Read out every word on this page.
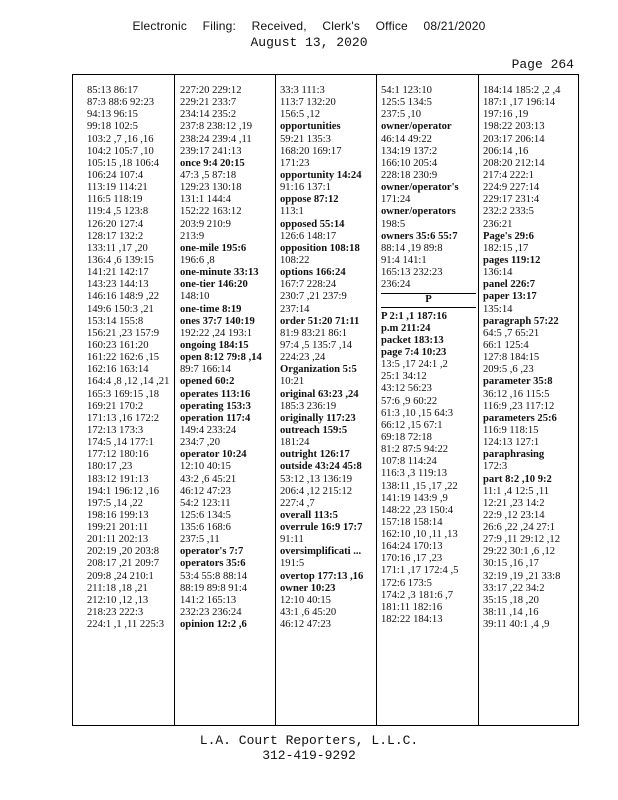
Electronic Filing: Received, Clerk's Office 08/21/2020
August 13, 2020
Page 264
85:13 86:17
87:3 88:6 92:23
94:13 96:15
99:18 102:5
103:2 ,7 ,16 ,16
104:2 105:7 ,10
105:15 ,18 106:4
106:24 107:4
113:19 114:21
116:5 118:19
119:4 ,5 123:8
126:20 127:4
128:17 132:2
133:11 ,17 ,20
136:4 ,6 139:15
141:21 142:17
143:23 144:13
146:16 148:9 ,22
149:6 150:3 ,21
153:14 155:8
156:21 ,23 157:9
160:23 161:20
161:22 162:6 ,15
162:16 163:14
164:4 ,8 ,12 ,14 ,21
165:3 169:15 ,18
169:21 170:2
171:13 ,16 172:2
172:13 173:3
174:5 ,14 177:1
177:12 180:16
180:17 ,23
183:12 191:13
194:1 196:12 ,16
197:5 ,14 ,22
198:16 199:13
199:21 201:11
201:11 202:13
202:19 ,20 203:8
208:17 ,21 209:7
209:8 ,24 210:1
211:18 ,18 ,21
212:10 ,12 ,13
218:23 222:3
224:1 ,1 ,11 225:3
227:20 229:12
229:21 233:7
234:14 235:2
237:8 238:12 ,19
238:24 239:4 ,11
239:17 241:13
once 9:4 20:15
47:3 ,5 87:18
129:23 130:18
131:1 144:4
152:22 163:12
203:9 210:9
213:9
one-mile 195:6
196:6 ,8
one-minute 33:13
one-tier 146:20
148:10
one-time 8:19
ones 37:7 140:19
192:22 ,24 193:1
ongoing 184:15
open 8:12 79:8 ,14
89:7 166:14
opened 60:2
operates 113:16
operating 153:3
operation 117:4
149:4 233:24
234:7 ,20
operator 10:24
12:10 40:15
43:2 ,6 45:21
46:12 47:23
54:2 123:11
125:6 134:5
135:6 168:6
237:5 ,11
operator's 7:7
operators 35:6
53:4 55:8 88:14
88:19 89:8 91:4
141:2 165:13
232:23 236:24
opinion 12:2 ,6
33:3 111:3
113:7 132:20
156:5 ,12
opportunities
59:21 135:3
168:20 169:17
171:23
opportunity 14:24
91:16 137:1
oppose 87:12
113:1
opposed 55:14
126:6 148:17
opposition 108:18
108:22
options 166:24
167:7 228:24
230:7 ,21 237:9
237:14
order 51:20 71:11
81:9 83:21 86:1
97:4 ,5 135:7 ,14
224:23 ,24
Organization 5:5
10:21
original 63:23 ,24
185:3 236:19
originally 117:23
outreach 159:5
181:24
outright 126:17
outside 43:24 45:8
53:12 ,13 136:19
206:4 ,12 215:12
227:4 ,7
overall 113:5
overrule 16:9 17:7
91:11
oversimplificati ...
191:5
overtop 177:13 ,16
owner 10:23
12:10 40:15
43:1 ,6 45:20
46:12 47:23
54:1 123:10
125:5 134:5
237:5 ,10
owner/operator
46:14 49:22
134:19 137:2
166:10 205:4
228:18 230:9
owner/operator's
171:24
owner/operators
198:5
owners 35:6 55:7
88:14 ,19 89:8
91:4 141:1
165:13 232:23
236:24
P
P 2:1 ,1 187:16
p.m 211:24
packet 183:13
page 7:4 10:23
13:5 ,17 24:1 ,2
25:1 34:12
43:12 56:23
57:6 ,9 60:22
61:3 ,10 ,15 64:3
66:12 ,15 67:1
69:18 72:18
81:2 87:5 94:22
107:8 114:24
116:3 ,3 119:13
138:11 ,15 ,17 ,22
141:19 143:9 ,9
148:22 ,23 150:4
157:18 158:14
162:10 ,10 ,11 ,13
164:24 170:13
170:16 ,17 ,23
171:1 ,17 172:4 ,5
172:6 173:5
174:2 ,3 181:6 ,7
181:11 182:16
182:22 184:13
184:14 185:2 ,2 ,4
187:1 ,17 196:14
197:16 ,19
198:22 203:13
203:17 206:14
206:14 ,16
208:20 212:14
217:4 222:1
224:9 227:14
229:17 231:4
232:2 233:5
236:21
Page's 29:6
182:15 ,17
pages 119:12
136:14
panel 226:7
paper 13:17
135:14
paragraph 57:22
64:5 ,7 65:21
66:1 125:4
127:8 184:15
209:5 ,6 ,23
parameter 35:8
36:12 ,16 115:5
116:9 ,23 117:12
parameters 25:6
116:9 118:15
124:13 127:1
paraphrasing
172:3
part 8:2 ,10 9:2
11:1 ,4 12:5 ,11
12:21 ,23 14:2
22:9 ,12 23:14
26:6 ,22 ,24 27:1
27:9 ,11 29:12 ,12
29:22 30:1 ,6 ,12
30:15 ,16 ,17
32:19 ,19 ,21 33:8
33:17 ,22 34:2
35:15 ,18 ,20
38:11 ,14 ,16
39:11 40:1 ,4 ,9
L.A. Court Reporters, L.L.C.
312-419-9292
